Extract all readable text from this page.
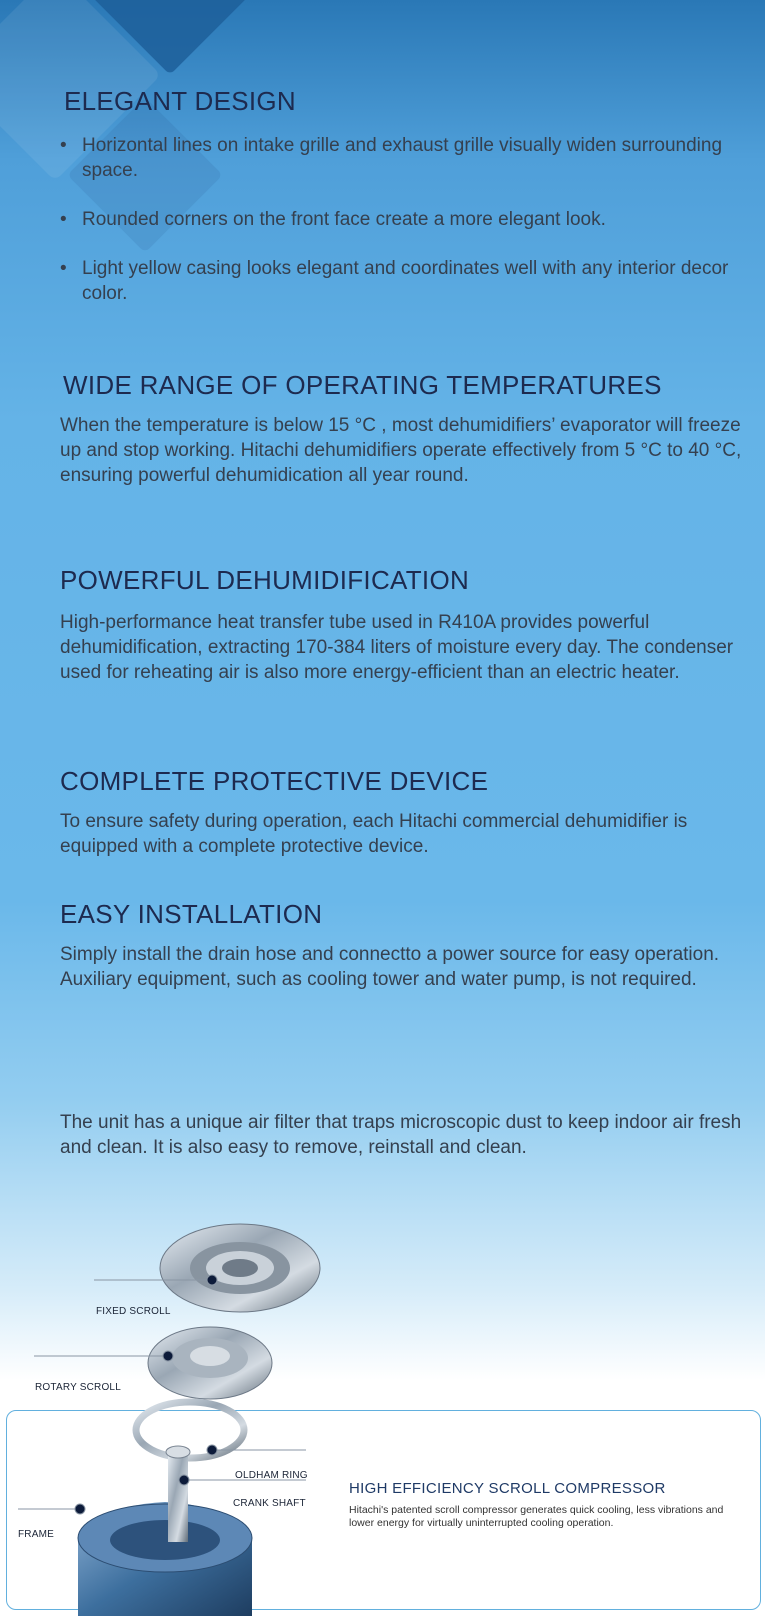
ELEGANT DESIGN
• Horizontal lines on intake grille and exhaust grille visually widen surrounding space.
• Rounded corners on the front face create a more elegant look.
• Light yellow casing looks elegant and coordinates well with any interior decor color.
WIDE RANGE OF OPERATING TEMPERATURES

When the temperature is below 15 °C , most dehumidifiers’ evaporator will freeze up and stop working. Hitachi dehumidifiers operate effectively from 5 °C to 40 °C, ensuring powerful dehumidication all year round.

POWERFUL DEHUMIDIFICATION

High-performance heat transfer tube used in R410A provides powerful dehumidification, extracting 170-384 liters of moisture every day. The condenser used for reheating air is also more energy-efficient than an electric heater.

COMPLETE PROTECTIVE DEVICE

To ensure safety during operation, each Hitachi commercial dehumidifier is equipped with a complete protective device.

EASY INSTALLATION

Simply install the drain hose and connectto a power source for easy operation. Auxiliary equipment, such as cooling tower and water pump, is not required.

The unit has a unique air filter that traps microscopic dust to keep indoor air fresh and clean. It is also easy to remove, reinstall and clean.

FIXED SCROLL
ROTARY SCROLL
OLDHAM RING
CRANK SHAFT
FRAME
HIGH EFFICIENCY SCROLL COMPRESSOR
Hitachi's patented scroll compressor generates quick cooling, less vibrations and lower energy for virtually uninterrupted cooling operation.
